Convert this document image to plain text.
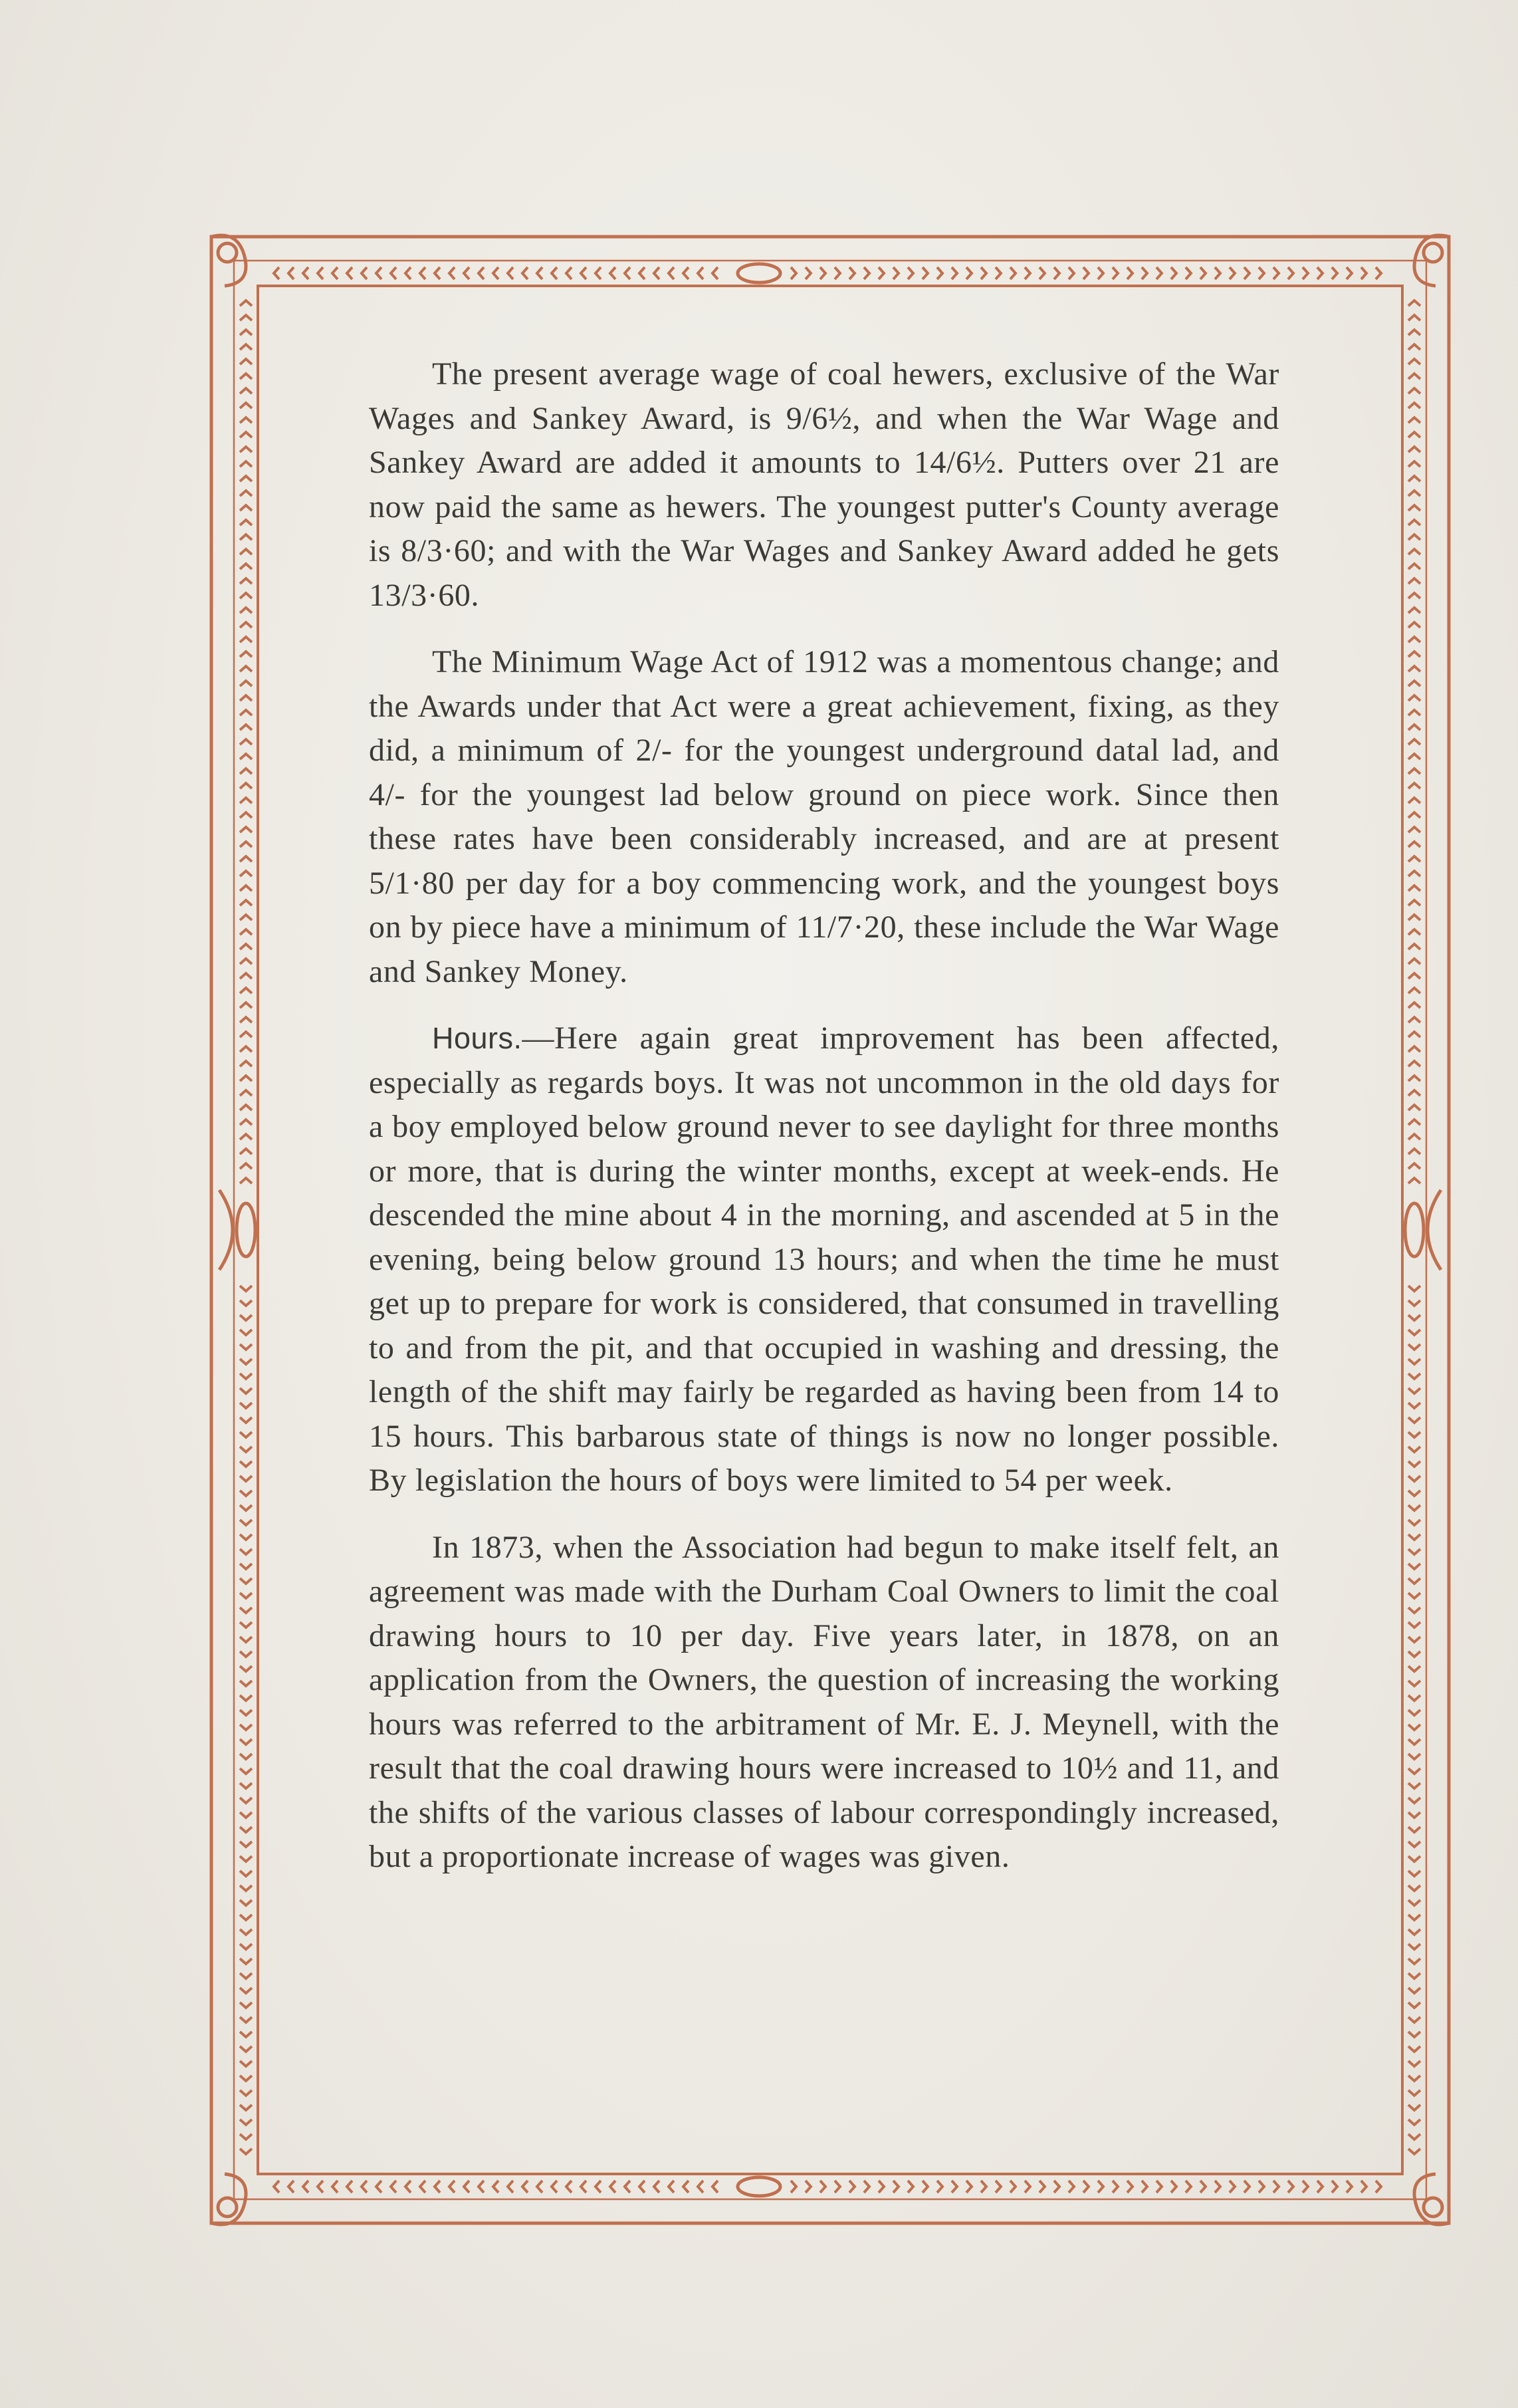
The present average wage of coal hewers, exclusive of the War Wages and Sankey Award, is 9/6½, and when the War Wage and Sankey Award are added it amounts to 14/6½. Putters over 21 are now paid the same as hewers. The youngest putter's County average is 8/3·60; and with the War Wages and Sankey Award added he gets 13/3·60.

The Minimum Wage Act of 1912 was a momentous change; and the Awards under that Act were a great achievement, fixing, as they did, a minimum of 2/- for the youngest underground datal lad, and 4/- for the youngest lad below ground on piece work. Since then these rates have been considerably increased, and are at present 5/1·80 per day for a boy commencing work, and the youngest boys on by piece have a minimum of 11/7·20, these include the War Wage and Sankey Money.

Hours.—Here again great improvement has been affected, especially as regards boys. It was not uncommon in the old days for a boy employed below ground never to see daylight for three months or more, that is during the winter months, except at week-ends. He descended the mine about 4 in the morning, and ascended at 5 in the evening, being below ground 13 hours; and when the time he must get up to prepare for work is considered, that consumed in travelling to and from the pit, and that occupied in washing and dressing, the length of the shift may fairly be regarded as having been from 14 to 15 hours. This barbarous state of things is now no longer possible. By legislation the hours of boys were limited to 54 per week.

In 1873, when the Association had begun to make itself felt, an agreement was made with the Durham Coal Owners to limit the coal drawing hours to 10 per day. Five years later, in 1878, on an application from the Owners, the question of increasing the working hours was referred to the arbitrament of Mr. E. J. Meynell, with the result that the coal drawing hours were increased to 10½ and 11, and the shifts of the various classes of labour correspondingly increased, but a proportionate increase of wages was given.
